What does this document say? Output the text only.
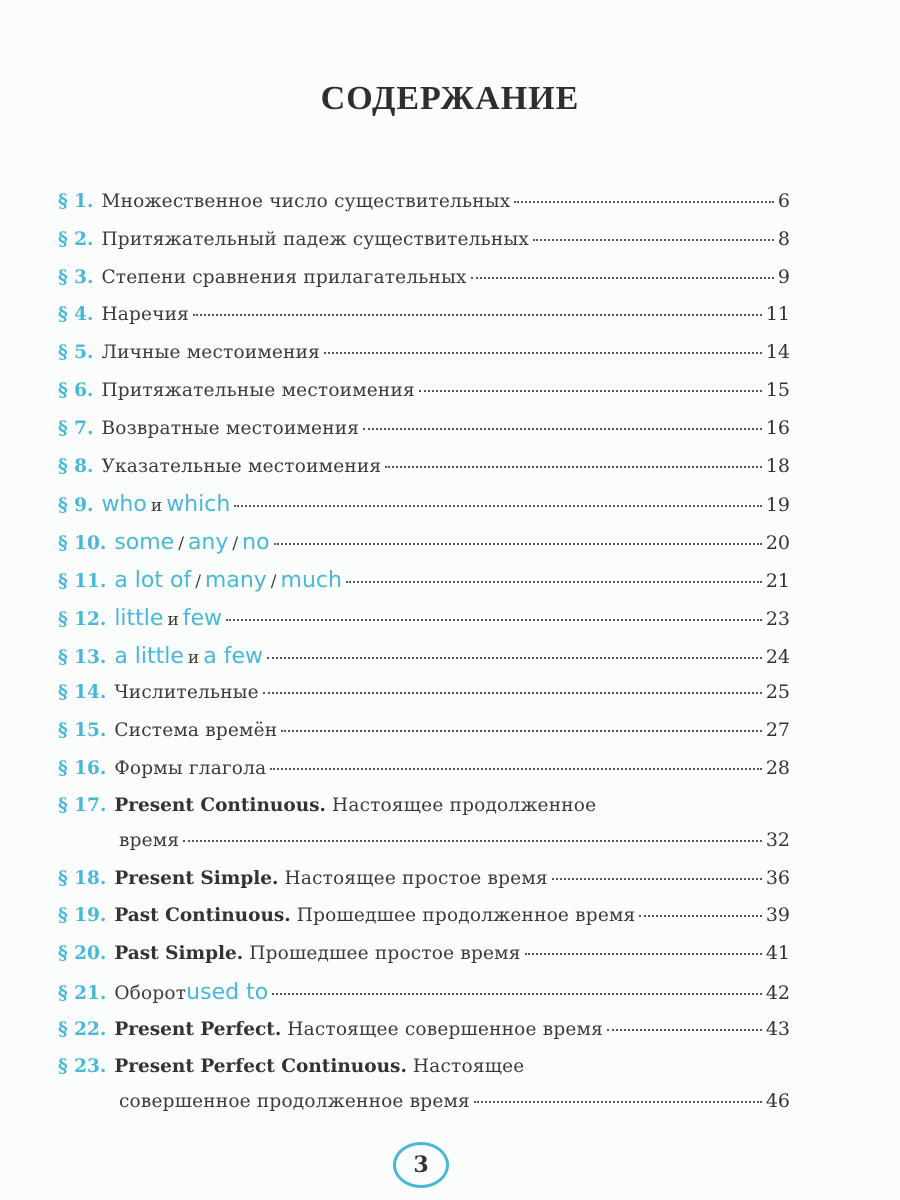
СОДЕРЖАНИЕ
§ 1. Множественное число существительных	6
§ 2. Притяжательный падеж существительных	8
§ 3. Степени сравнения прилагательных	9
§ 4. Наречия	11
§ 5. Личные местоимения	14
§ 6. Притяжательные местоимения	15
§ 7. Возвратные местоимения	16
§ 8. Указательные местоимения	18
§ 9. who и which	19
§ 10. some / any / no	20
§ 11. a lot of / many / much	21
§ 12. little и few	23
§ 13. a little и a few	24
§ 14. Числительные	25
§ 15. Система времён	27
§ 16. Формы глагола	28
§ 17. Present Continuous. Настоящее продолженное
время	32
§ 18. Present Simple. Настоящее простое время	36
§ 19. Past Continuous. Прошедшее продолженное время	39
§ 20. Past Simple. Прошедшее простое время	41
§ 21. Оборот used to	42
§ 22. Present Perfect. Настоящее совершенное время	43
§ 23. Present Perfect Continuous. Настоящее
совершенное продолженное время	46
3
